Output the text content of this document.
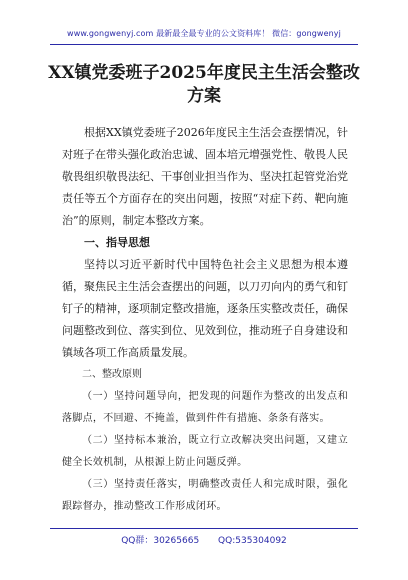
www.gongwenyj.com 最新最全最专业的公文资料库！ 微信：gongwenyj
XX镇党委班子2025年度民主生活会整改方案

根据XX镇党委班子2026年度民主生活会查摆情况，针对班子在带头强化政治忠诚、固本培元增强党性、敬畏人民敬畏组织敬畏法纪、干事创业担当作为、坚决扛起管党治党责任等五个方面存在的突出问题，按照“对症下药、靶向施治”的原则，制定本整改方案。

一、指导思想

坚持以习近平新时代中国特色社会主义思想为根本遵循，聚焦民主生活会查摆出的问题，以刀刃向内的勇气和钉钉子的精神，逐项制定整改措施，逐条压实整改责任，确保问题整改到位、落实到位、见效到位，推动班子自身建设和镇域各项工作高质量发展。

二、整改原则

（一）坚持问题导向，把发现的问题作为整改的出发点和落脚点，不回避、不掩盖，做到件件有措施、条条有落实。

（二）坚持标本兼治，既立行立改解决突出问题，又建立健全长效机制，从根源上防止问题反弹。

（三）坚持责任落实，明确整改责任人和完成时限，强化跟踪督办，推动整改工作形成闭环。

QQ群：30265665 QQ:535304092
